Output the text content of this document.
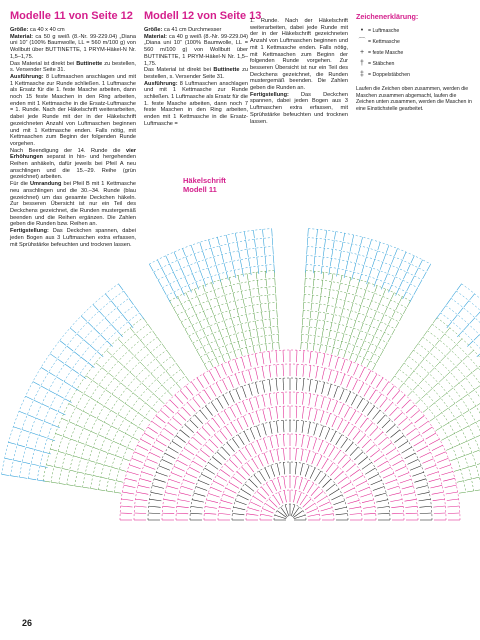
Modelle 11 von Seite 12

Größe: ca 40 x 40 cm

Material: ca 50 g weiß (8.-Nr. 99-229.04) „Diana uni 10“ (100% Baumwolle, LL = 560 m/100 g) von Wollbutt über BUTTINETTE, 1 PRYM-Häkel-N Nr. 1,5–1,75.

Das Material ist direkt bei Buttinette zu bestellen, s. Versender Seite 31.

Ausführung: 8 Luftmaschen anschlagen und mit 1 Kettmasche zur Runde schließen. 1 Luftmasche als Ersatz für die 1. feste Masche arbeiten, dann noch 15 feste Maschen in den Ring arbeiten, enden mit 1 Kettmasche in die Ersatz-Luftmasche = 1. Runde. Nach der Häkelschrift weiterarbeiten, dabei jede Runde mit der in der Häkelschrift gezeichneten Anzahl von Luftmaschen beginnen und mit 1 Kettmasche enden. Falls nötig, mit Kettmaschen zum Beginn der folgenden Runde vorgehen.

Nach Beendigung der 14. Runde die vier Erhöhungen separat in hin- und hergehenden Reihen anhäkeln, dafür jeweils bei Pfeil A neu anschlingen und die 15.–29. Reihe (grün gezeichnet) arbeiten.

Für die Umrandung bei Pfeil B mit 1 Kettmasche neu anschlingen und die 30.–34. Runde (blau gezeichnet) um das gesamte Deckchen häkeln. Zur besseren Übersicht ist nur ein Teil des Deckchens gezeichnet, die Runden mustergemäß beenden und die Reihen ergänzen. Die Zahlen geben die Runden bzw. Reihen an.

Fertigstellung: Das Deckchen spannen, dabei jeden Bogen aus 3 Luftmaschen extra erfassen, mit Sprühstärke befeuchten und trocknen lassen.

Modell 12 von Seite 13

Größe: ca 41 cm Durchmesser

Material: ca 40 g weiß (8.-Nr. 99-229.04) „Diana uni 10“ (100% Baumwolle, LL = 560 m/100 g) von Wollbutt über BUTTINETTE, 1 PRYM-Häkel-N Nr. 1,5–1,75.

Das Material ist direkt bei Buttinette zu bestellen, s. Versender Seite 31.

Ausführung: 8 Luftmaschen anschlagen und mit 1 Kettmasche zur Runde schließen. 1 Luftmasche als Ersatz für die 1. feste Masche arbeiten, dann noch 7 feste Maschen in den Ring arbeiten, enden mit 1 Kettmasche in die Ersatz-Luftmasche =

1. Runde. Nach der Häkelschrift weiterarbeiten, dabei jede Runde mit der in der Häkelschrift gezeichneten Anzahl von Luftmaschen beginnen und mit 1 Kettmasche enden. Falls nötig, mit Kettmaschen zum Beginn der folgenden Runde vorgehen. Zur besseren Übersicht ist nur ein Teil des Deckchens gezeichnet, die Runden mustergemäß beenden. Die Zahlen geben die Runden an.

Fertigstellung: Das Deckchen spannen, dabei jeden Bogen aus 3 Luftmaschen extra erfassen, mit Sprühstärke befeuchten und trocknen lassen.

Zeichenerklärung:
• = Luftmasche
⌒ = Kettmasche
+ = feste Masche
† = Stäbchen
‡ = Doppelstäbchen
Laufen die Zeichen oben zusammen, werden die Maschen zusammen abgemacht, laufen die Zeichen unten zusammen, werden die Maschen in eine Einstichstelle gearbeitet.
Häkelschrift
Modell 11
26
